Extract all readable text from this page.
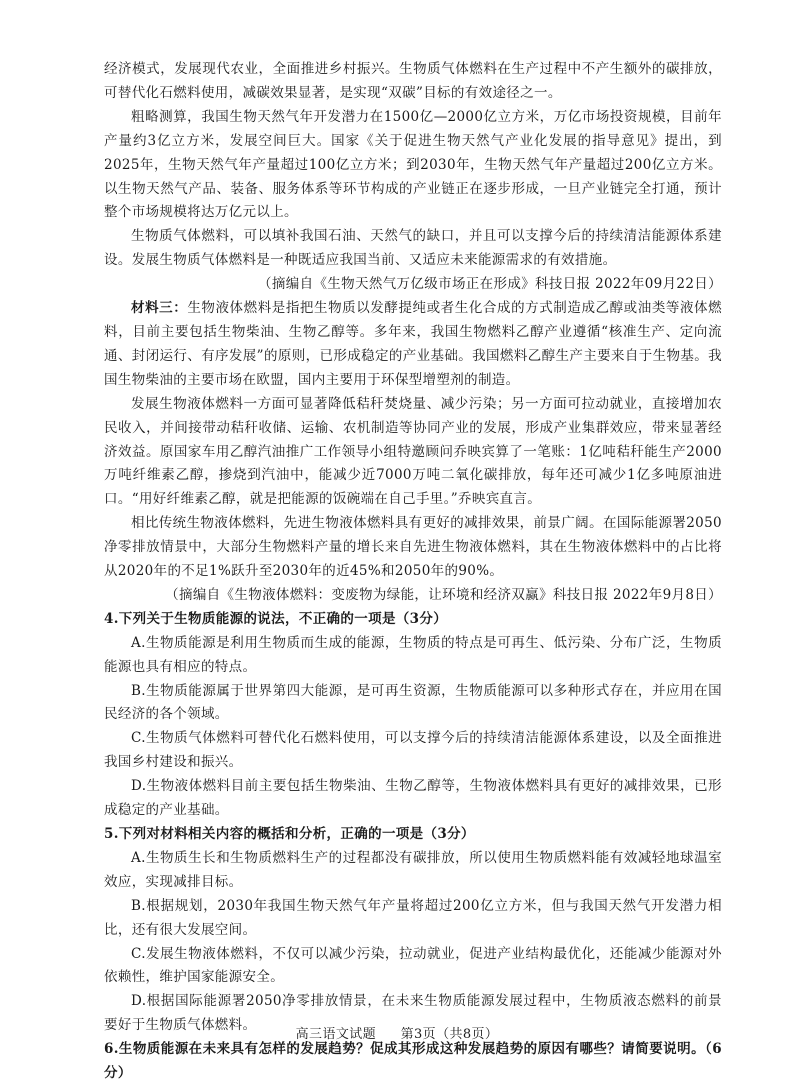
经济模式，发展现代农业，全面推进乡村振兴。生物质气体燃料在生产过程中不产生额外的碳排放，可替代化石燃料使用，减碳效果显著，是实现“双碳”目标的有效途径之一。

粗略测算，我国生物天然气年开发潜力在1500亿—2000亿立方米，万亿市场投资规模，目前年产量约3亿立方米，发展空间巨大。国家《关于促进生物天然气产业化发展的指导意见》提出，到2025年，生物天然气年产量超过100亿立方米；到2030年，生物天然气年产量超过200亿立方米。以生物天然气产品、装备、服务体系等环节构成的产业链正在逐步形成，一旦产业链完全打通，预计整个市场规模将达万亿元以上。

生物质气体燃料，可以填补我国石油、天然气的缺口，并且可以支撑今后的持续清洁能源体系建设。发展生物质气体燃料是一种既适应我国当前、又适应未来能源需求的有效措施。

（摘编自《生物天然气万亿级市场正在形成》科技日报 2022年09月22日）

材料三：生物液体燃料是指把生物质以发酵提纯或者生化合成的方式制造成乙醇或油类等液体燃料，目前主要包括生物柴油、生物乙醇等。多年来，我国生物燃料乙醇产业遵循“核准生产、定向流通、封闭运行、有序发展”的原则，已形成稳定的产业基础。我国燃料乙醇生产主要来自于生物基。我国生物柴油的主要市场在欧盟，国内主要用于环保型增塑剂的制造。

发展生物液体燃料一方面可显著降低秸秆焚烧量、减少污染；另一方面可拉动就业，直接增加农民收入，并间接带动秸秆收储、运输、农机制造等协同产业的发展，形成产业集群效应，带来显著经济效益。原国家车用乙醇汽油推广工作领导小组特邀顾问乔映宾算了一笔账：1亿吨秸秆能生产2000万吨纤维素乙醇，掺烧到汽油中，能减少近7000万吨二氧化碳排放，每年还可减少1亿多吨原油进口。“用好纤维素乙醇，就是把能源的饭碗端在自己手里。”乔映宾直言。

相比传统生物液体燃料，先进生物液体燃料具有更好的减排效果，前景广阔。在国际能源署2050净零排放情景中，大部分生物燃料产量的增长来自先进生物液体燃料，其在生物液体燃料中的占比将从2020年的不足1%跃升至2030年的近45%和2050年的90%。

（摘编自《生物液体燃料：变废物为绿能，让环境和经济双赢》科技日报 2022年9月8日）

4.下列关于生物质能源的说法，不正确的一项是（3分）

A.生物质能源是利用生物质而生成的能源，生物质的特点是可再生、低污染、分布广泛，生物质能源也具有相应的特点。

B.生物质能源属于世界第四大能源，是可再生资源，生物质能源可以多种形式存在，并应用在国民经济的各个领域。

C.生物质气体燃料可替代化石燃料使用，可以支撑今后的持续清洁能源体系建设，以及全面推进我国乡村建设和振兴。

D.生物液体燃料目前主要包括生物柴油、生物乙醇等，生物液体燃料具有更好的减排效果，已形成稳定的产业基础。

5.下列对材料相关内容的概括和分析，正确的一项是（3分）

A.生物质生长和生物质燃料生产的过程都没有碳排放，所以使用生物质燃料能有效减轻地球温室效应，实现减排目标。

B.根据规划，2030年我国生物天然气年产量将超过200亿立方米，但与我国天然气开发潜力相比，还有很大发展空间。

C.发展生物液体燃料，不仅可以减少污染，拉动就业，促进产业结构最优化，还能减少能源对外依赖性，维护国家能源安全。

D.根据国际能源署2050净零排放情景，在未来生物质能源发展过程中，生物质液态燃料的前景要好于生物质气体燃料。

6.生物质能源在未来具有怎样的发展趋势？促成其形成这种发展趋势的原因有哪些？请简要说明。（6分）

高三语文试题 第3页（共8页）
